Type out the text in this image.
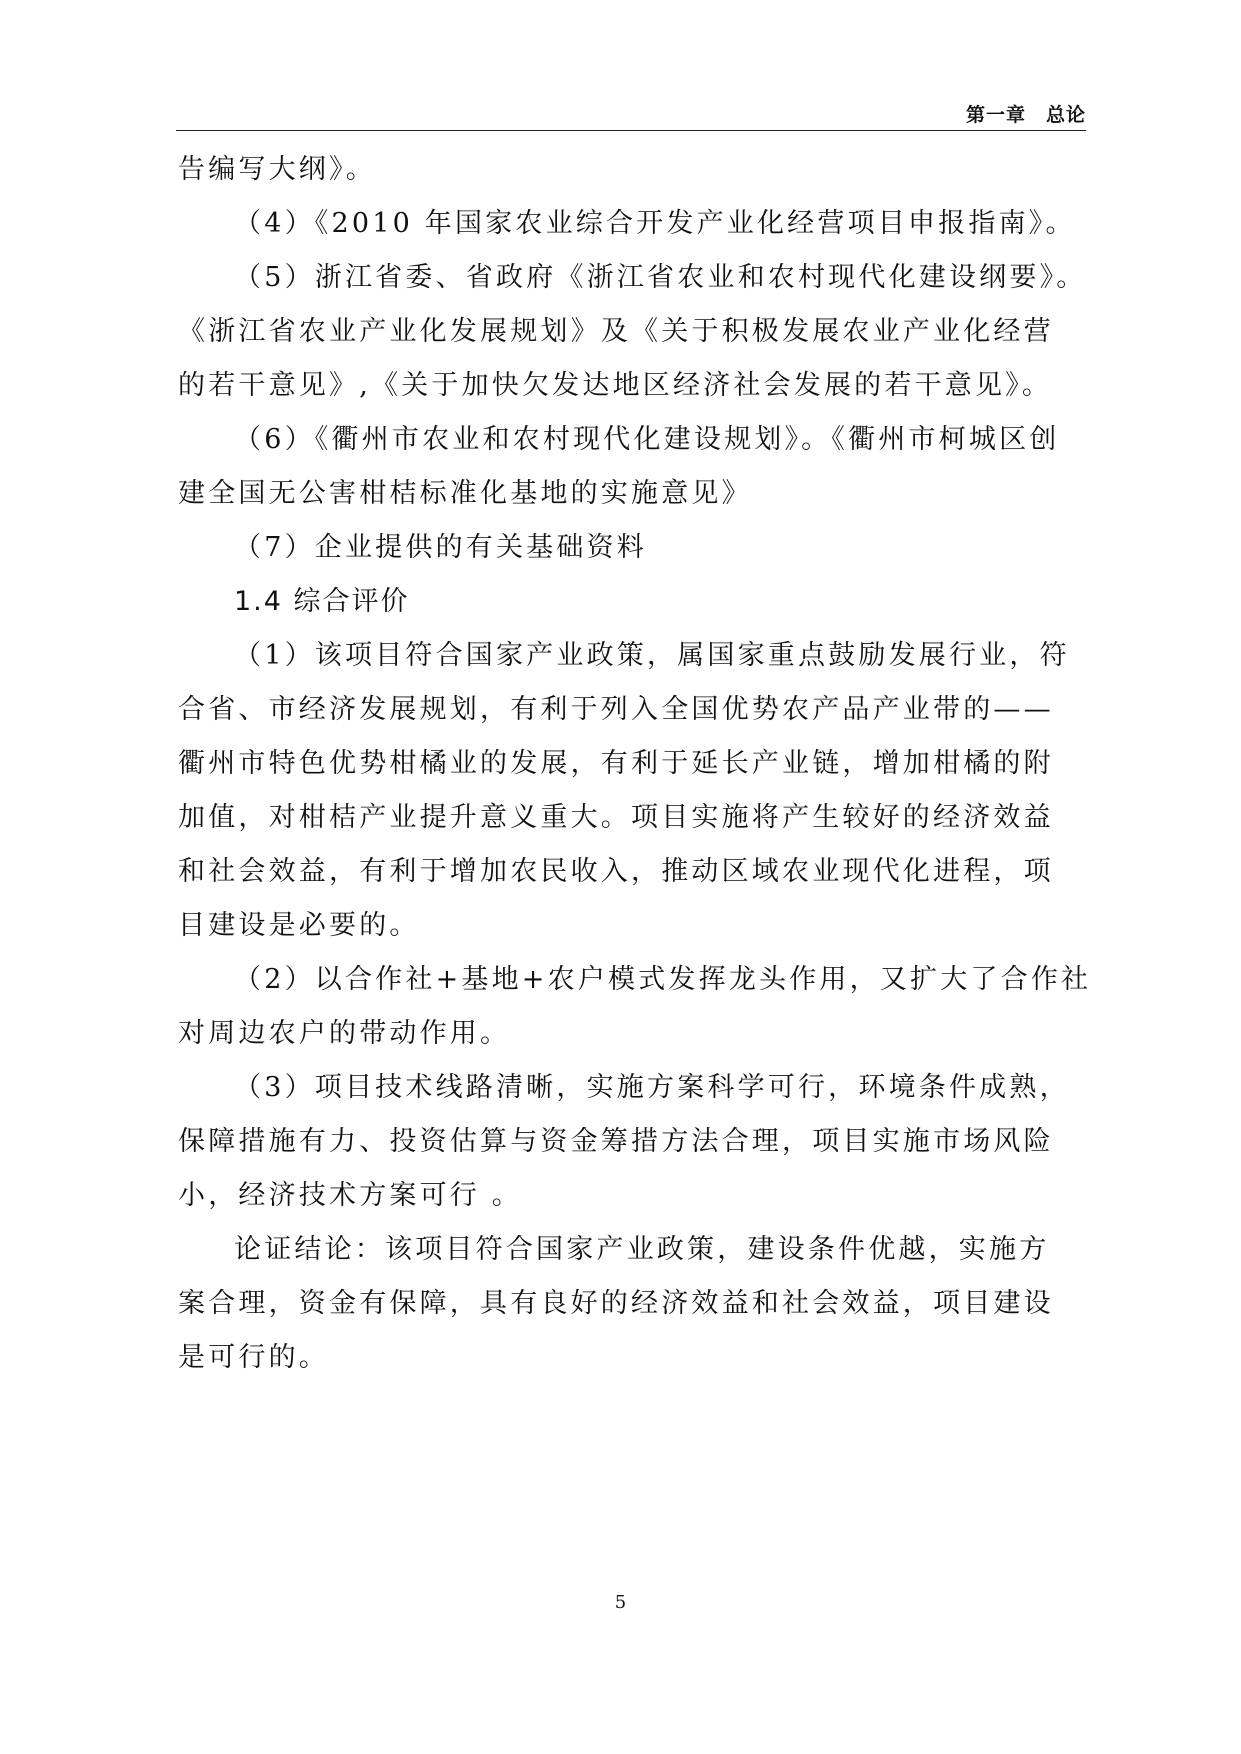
第一章　总论
告编写大纲》。
（4）《2010 年国家农业综合开发产业化经营项目申报指南》。
（5）浙江省委、省政府《浙江省农业和农村现代化建设纲要》。
《浙江省农业产业化发展规划》及《关于积极发展农业产业化经营
的若干意见》,《关于加快欠发达地区经济社会发展的若干意见》。
（6）《衢州市农业和农村现代化建设规划》。《衢州市柯城区创
建全国无公害柑桔标准化基地的实施意见》
（7）企业提供的有关基础资料
1.4 综合评价
（1）该项目符合国家产业政策，属国家重点鼓励发展行业，符
合省、市经济发展规划，有利于列入全国优势农产品产业带的——
衢州市特色优势柑橘业的发展，有利于延长产业链，增加柑橘的附
加值，对柑桔产业提升意义重大。项目实施将产生较好的经济效益
和社会效益，有利于增加农民收入，推动区域农业现代化进程，项
目建设是必要的。
（2）以合作社+基地+农户模式发挥龙头作用，又扩大了合作社
对周边农户的带动作用。
（3）项目技术线路清晰，实施方案科学可行，环境条件成熟，
保障措施有力、投资估算与资金筹措方法合理，项目实施市场风险
小，经济技术方案可行 。
论证结论：该项目符合国家产业政策，建设条件优越，实施方
案合理，资金有保障，具有良好的经济效益和社会效益，项目建设
是可行的。
5
